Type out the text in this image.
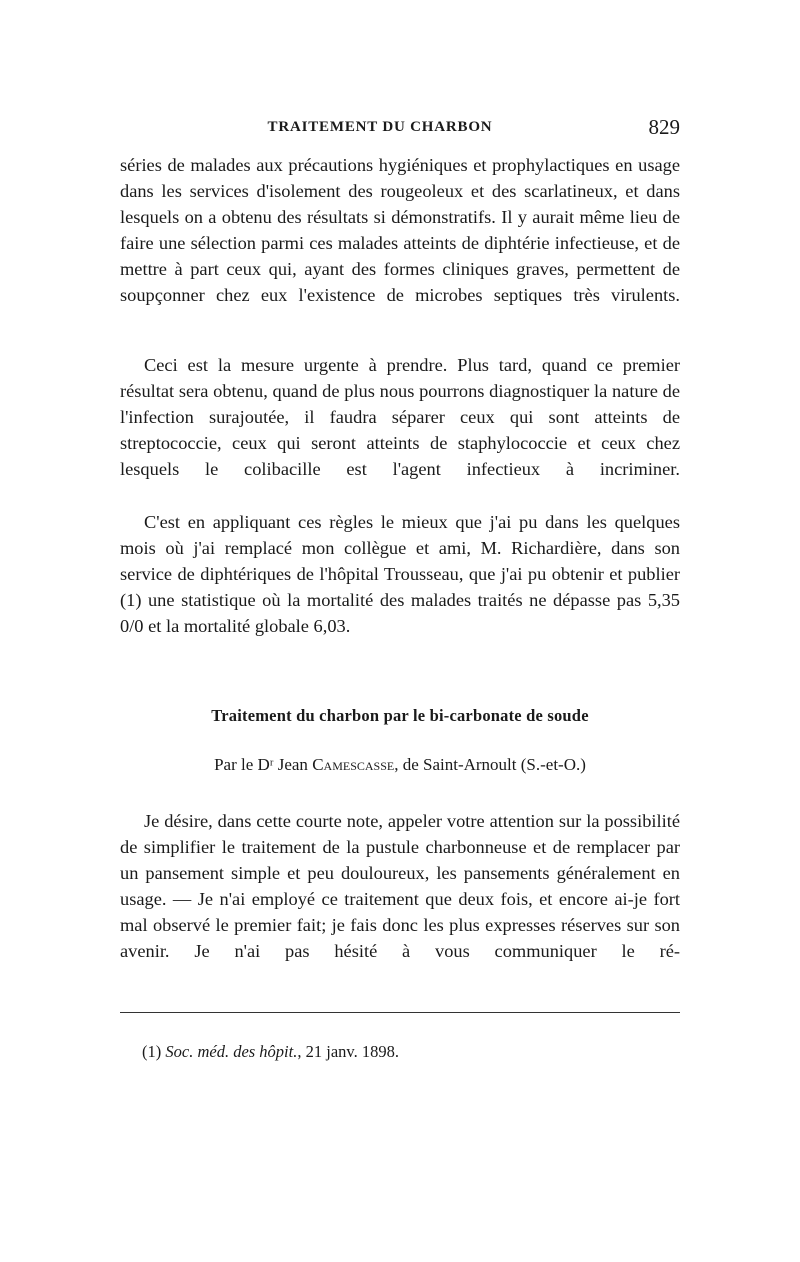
TRAITEMENT DU CHARBON	829

séries de malades aux précautions hygiéniques et prophylactiques en usage dans les services d'isolement des rougeoleux et des scarlatineux, et dans lesquels on a obtenu des résultats si démonstratifs. Il y aurait même lieu de faire une sélection parmi ces malades atteints de diphtérie infectieuse, et de mettre à part ceux qui, ayant des formes cliniques graves, permettent de soupçonner chez eux l'existence de microbes septiques très virulents.

Ceci est la mesure urgente à prendre. Plus tard, quand ce premier résultat sera obtenu, quand de plus nous pourrons diagnostiquer la nature de l'infection surajoutée, il faudra séparer ceux qui sont atteints de streptococcie, ceux qui seront atteints de staphylococcie et ceux chez lesquels le colibacille est l'agent infectieux à incriminer.

C'est en appliquant ces règles le mieux que j'ai pu dans les quelques mois où j'ai remplacé mon collègue et ami, M. Richardière, dans son service de diphtériques de l'hôpital Trousseau, que j'ai pu obtenir et publier (1) une statistique où la mortalité des malades traités ne dépasse pas 5,35 0/0 et la mortalité globale 6,03.

Traitement du charbon par le bi-carbonate de soude
Par le Dʳ Jean Camescasse, de Saint-Arnoult (S.-et-O.)

Je désire, dans cette courte note, appeler votre attention sur la possibilité de simplifier le traitement de la pustule charbonneuse et de remplacer par un pansement simple et peu douloureux, les pansements généralement en usage. — Je n'ai employé ce traitement que deux fois, et encore ai-je fort mal observé le premier fait; je fais donc les plus expresses réserves sur son avenir. Je n'ai pas hésité à vous communiquer le ré-

(1) Soc. méd. des hôpit., 21 janv. 1898.
